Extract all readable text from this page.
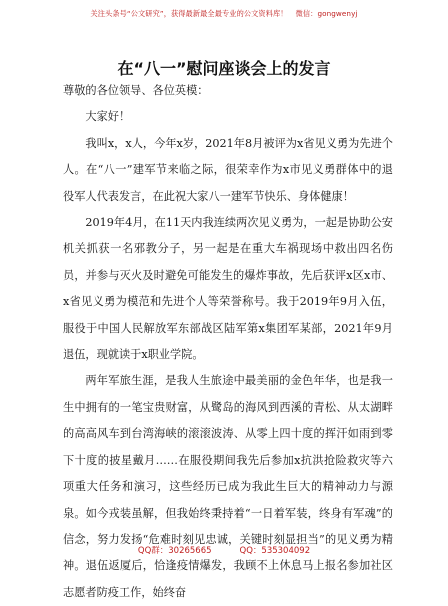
关注头条号“公文研究”，获得最新最全最专业的公文资料库！ 微信：gongwenyj
在“八一”慰问座谈会上的发言

尊敬的各位领导、各位英模：

大家好！

我叫x，x人，今年x岁，2021年8月被评为x省见义勇为先进个人。在“八一”建军节来临之际，很荣幸作为x市见义勇群体中的退役军人代表发言，在此祝大家八一建军节快乐、身体健康！

2019年4月，在11天内我连续两次见义勇为，一起是协助公安机关抓获一名邪教分子，另一起是在重大车祸现场中救出四名伤员，并参与灭火及时避免可能发生的爆炸事故，先后获评x区x市、x省见义勇为模范和先进个人等荣誉称号。我于2019年9月入伍，服役于中国人民解放军东部战区陆军第x集团军某部，2021年9月退伍，现就读于x职业学院。

两年军旅生涯，是我人生旅途中最美丽的金色年华，也是我一生中拥有的一笔宝贵财富，从鹭岛的海风到西溪的青松、从太湖畔的高高风车到台湾海峡的滚滚波涛、从零上四十度的挥汗如雨到零下十度的披星戴月……在服役期间我先后参加x抗洪抢险救灾等六项重大任务和演习，这些经历已成为我此生巨大的精神动力与源泉。如今戎装虽解，但我始终秉持着“一日着军装，终身有军魂”的信念，努力发扬“危难时刻见忠诚，关键时刻显担当”的见义勇为精神。退伍返厦后，恰逢疫情爆发，我顾不上休息马上报名参加社区志愿者防疫工作，始终奋

QQ群：30265665	QQ：535304092
